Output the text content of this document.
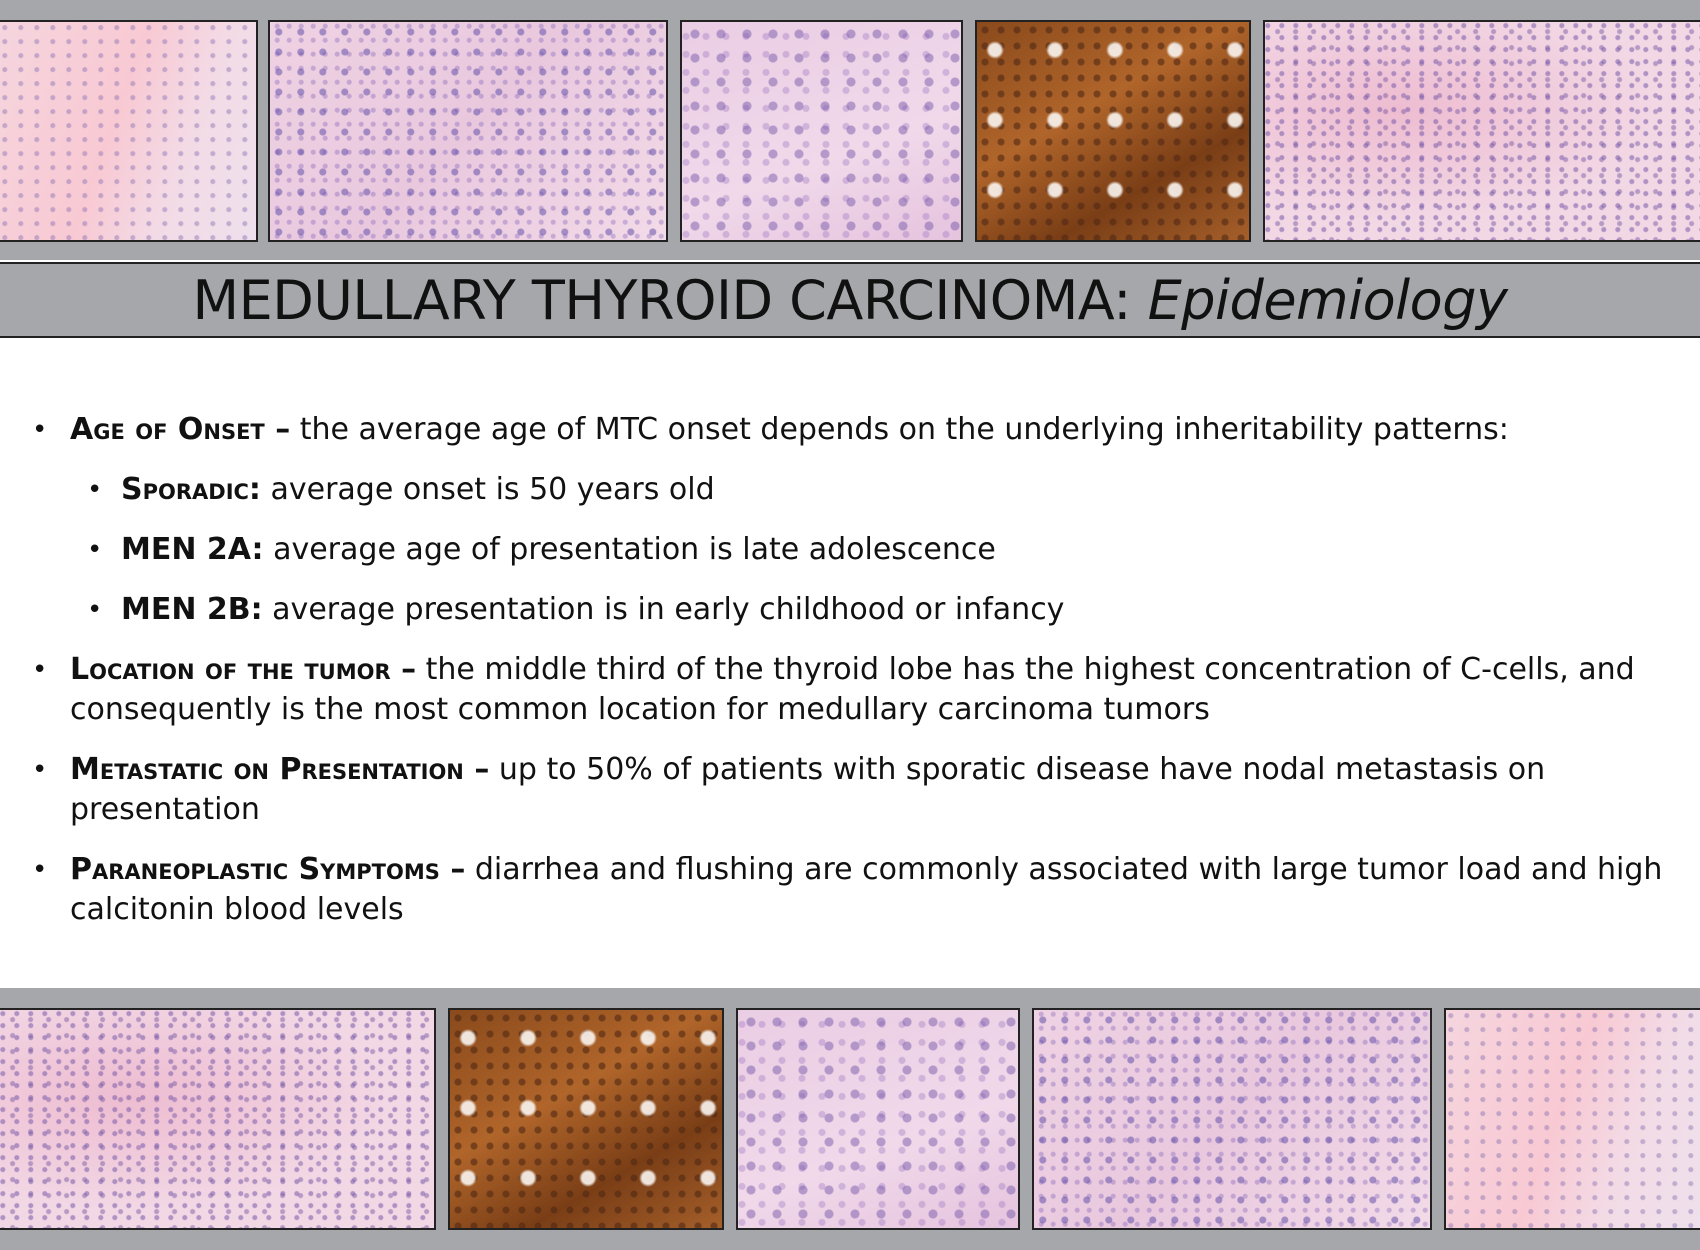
MEDULLARY THYROID CARCINOMA: Epidemiology
• Age of Onset – the average age of MTC onset depends on the underlying inheritability patterns:
• Sporadic: average onset is 50 years old
• MEN 2A: average age of presentation is late adolescence
• MEN 2B: average presentation is in early childhood or infancy
• Location of the tumor – the middle third of the thyroid lobe has the highest concentration of C-cells, and consequently is the most common location for medullary carcinoma tumors
• Metastatic on Presentation – up to 50% of patients with sporatic disease have nodal metastasis on presentation
• Paraneoplastic Symptoms – diarrhea and flushing are commonly associated with large tumor load and high calcitonin blood levels
